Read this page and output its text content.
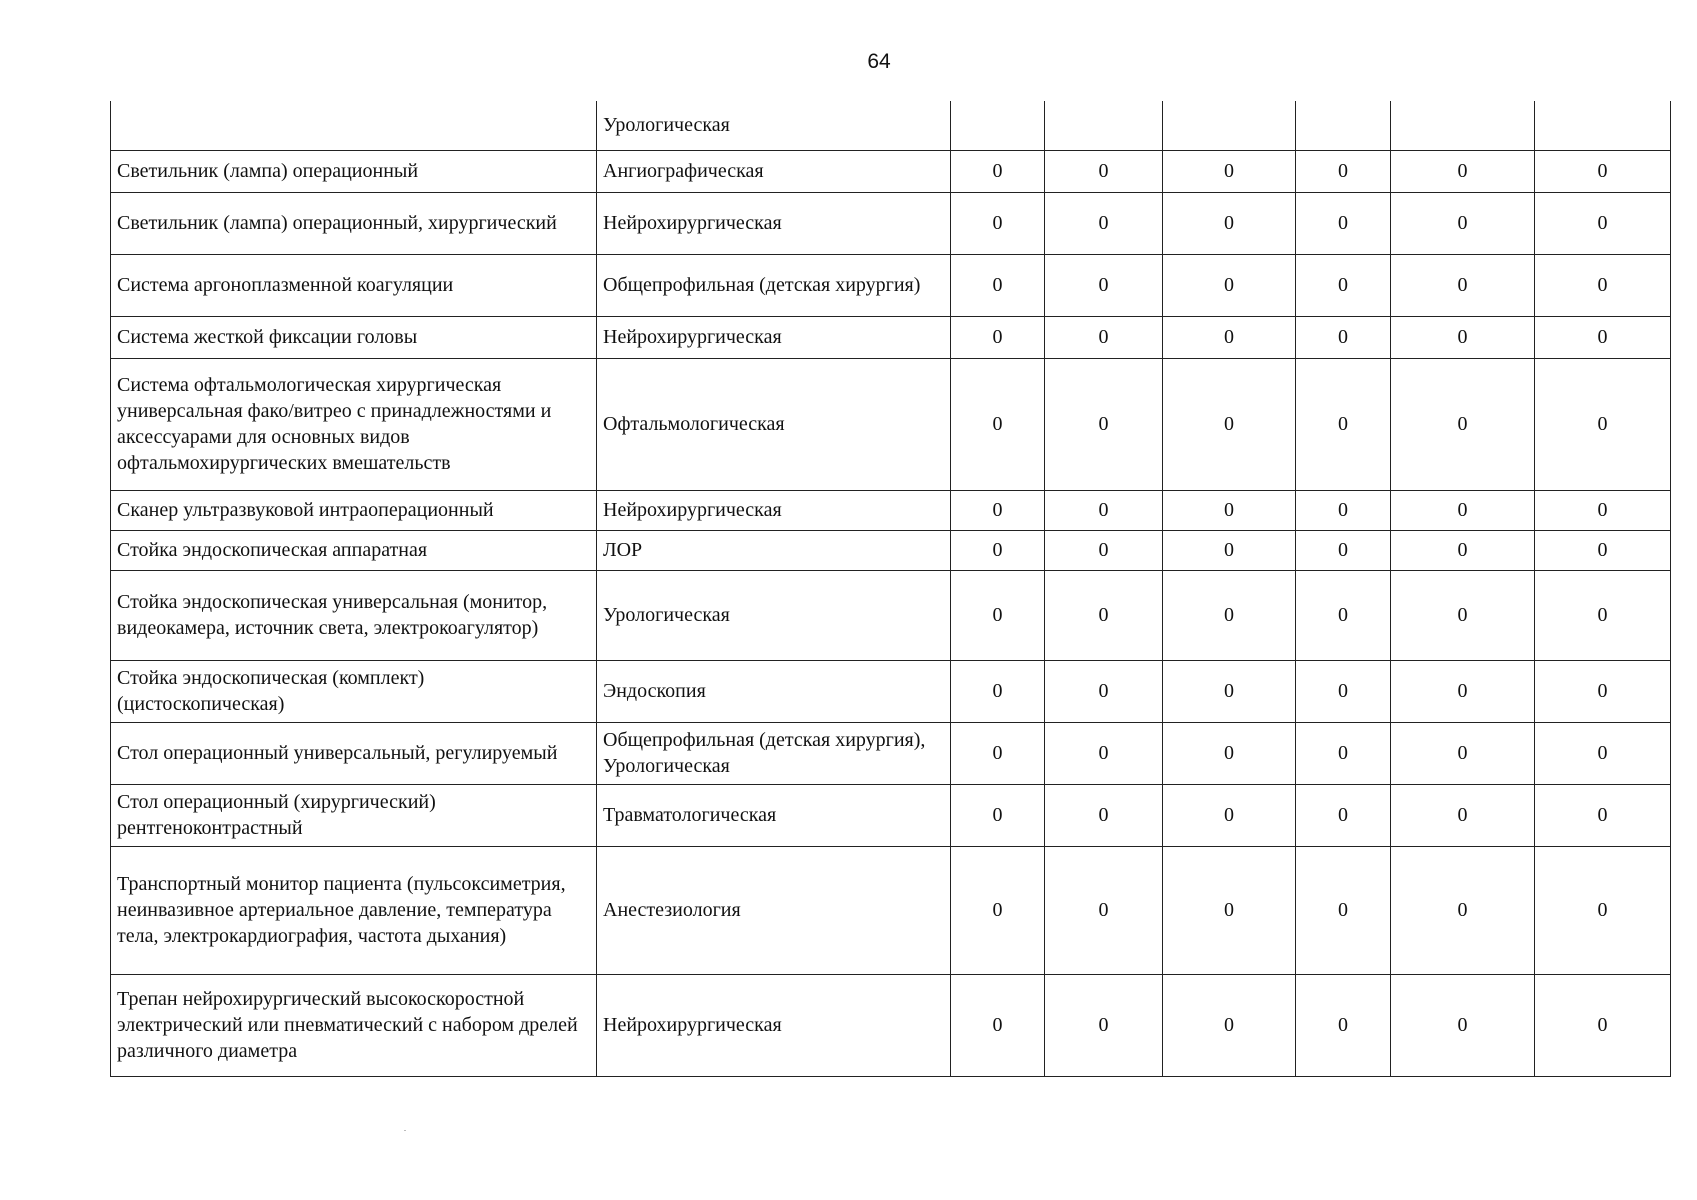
64
	Урологическая						
Светильник (лампа) операционный	Ангиографическая	0	0	0	0	0	0
Светильник (лампа) операционный, хирургический	Нейрохирургическая	0	0	0	0	0	0
Система аргоноплазменной коагуляции	Общепрофильная (детская хирургия)	0	0	0	0	0	0
Система жесткой фиксации головы	Нейрохирургическая	0	0	0	0	0	0
Система офтальмологическая хирургическая универсальная фако/витрео с принадлежностями и аксессуарами для основных видов офтальмохирургических вмешательств	Офтальмологическая	0	0	0	0	0	0
Сканер ультразвуковой интраоперационный	Нейрохирургическая	0	0	0	0	0	0
Стойка эндоскопическая аппаратная	ЛОР	0	0	0	0	0	0
Стойка эндоскопическая универсальная (монитор, видеокамера, источник света, электрокоагулятор)	Урологическая	0	0	0	0	0	0
Стойка эндоскопическая (комплект)(цистоскопическая)	Эндоскопия	0	0	0	0	0	0
Стол операционный универсальный, регулируемый	Общепрофильная (детская хирургия), Урологическая	0	0	0	0	0	0
Стол операционный (хирургический) рентгеноконтрастный	Травматологическая	0	0	0	0	0	0
Транспортный монитор пациента (пульсоксиметрия, неинвазивное артериальное давление, температура тела, электрокардиография, частота дыхания)	Анестезиология	0	0	0	0	0	0
Трепан нейрохирургический высокоскоростной электрический или пневматический с набором дрелей различного диаметра	Нейрохирургическая	0	0	0	0	0	0
